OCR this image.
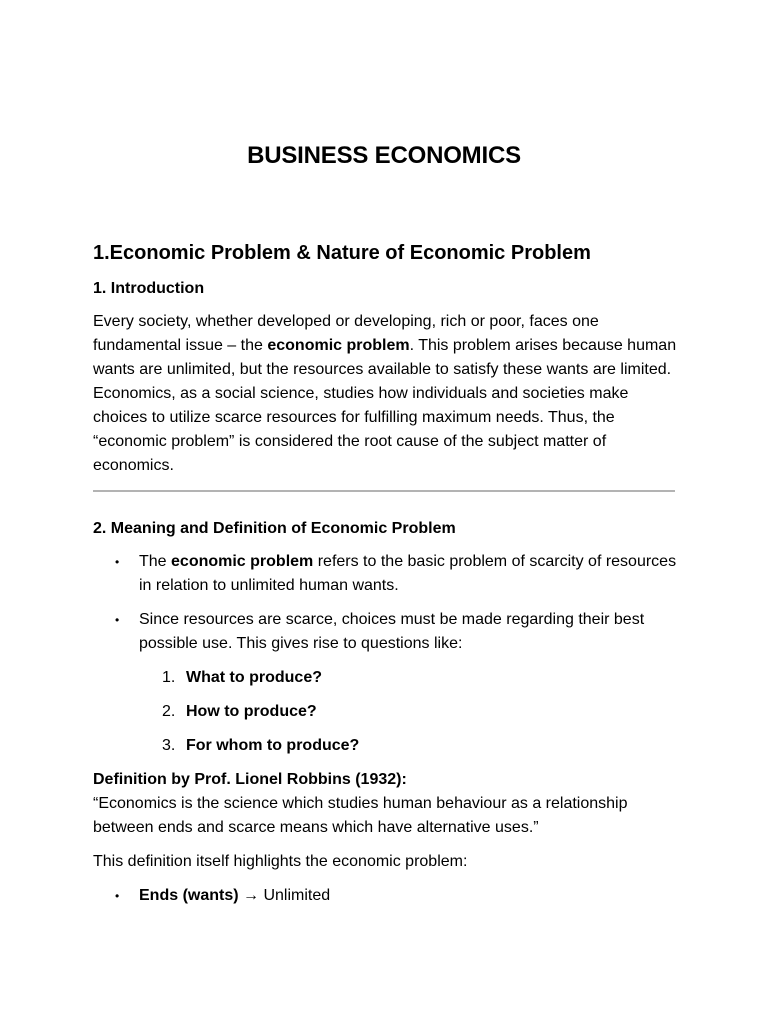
BUSINESS ECONOMICS
1.Economic Problem & Nature of Economic Problem
1. Introduction

Every society, whether developed or developing, rich or poor, faces one fundamental issue – the economic problem. This problem arises because human wants are unlimited, but the resources available to satisfy these wants are limited. Economics, as a social science, studies how individuals and societies make choices to utilize scarce resources for fulfilling maximum needs. Thus, the “economic problem” is considered the root cause of the subject matter of economics.

2. Meaning and Definition of Economic Problem
• The economic problem refers to the basic problem of scarcity of resources in relation to unlimited human wants.
• Since resources are scarce, choices must be made regarding their best possible use. This gives rise to questions like:
1. What to produce?
2. How to produce?
3. For whom to produce?
Definition by Prof. Lionel Robbins (1932):
“Economics is the science which studies human behaviour as a relationship between ends and scarce means which have alternative uses.”

This definition itself highlights the economic problem:

• Ends (wants) → Unlimited
